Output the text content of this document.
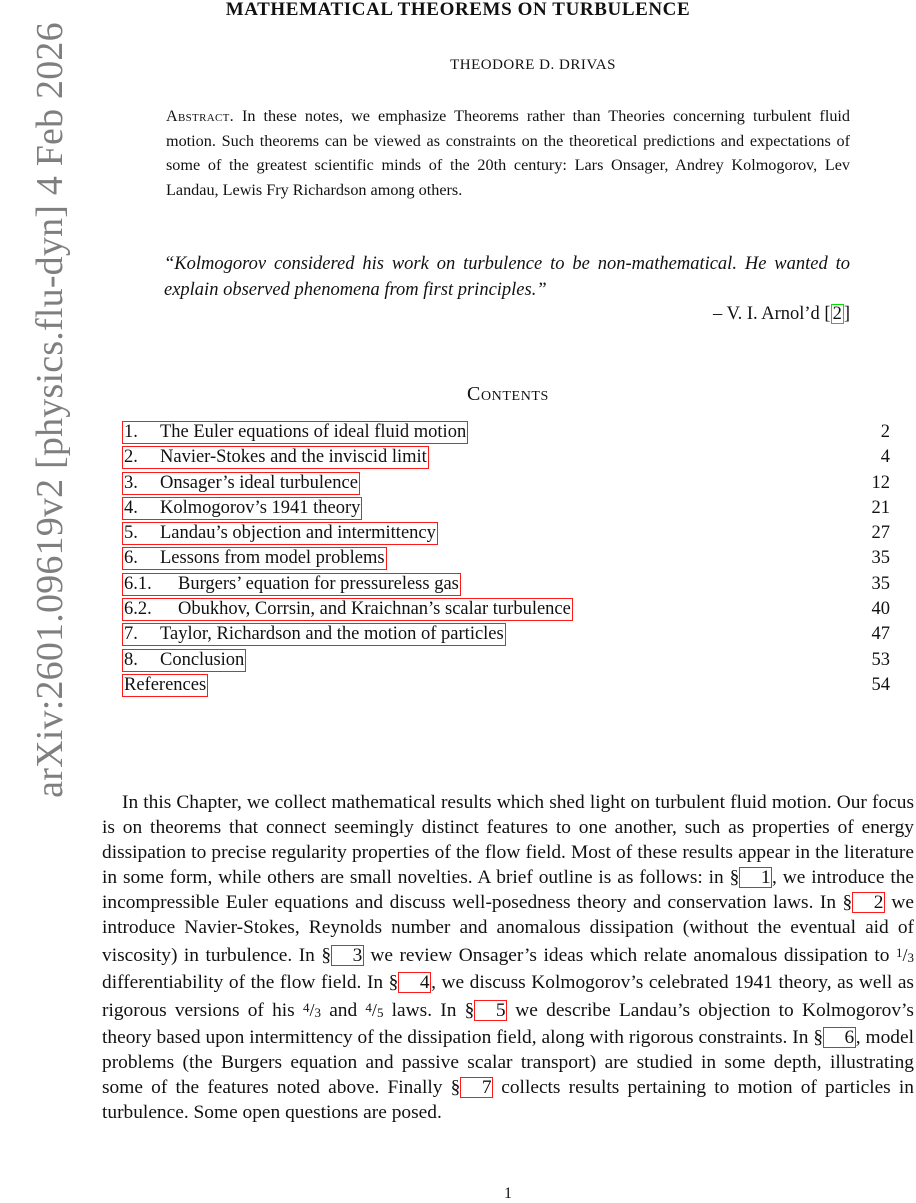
arXiv:2601.09619v2 [physics.flu-dyn] 4 Feb 2026
MATHEMATICAL THEOREMS ON TURBULENCE
THEODORE D. DRIVAS
Abstract. In these notes, we emphasize Theorems rather than Theories concerning turbulent fluid motion. Such theorems can be viewed as constraints on the theoretical predictions and expectations of some of the greatest scientific minds of the 20th century: Lars Onsager, Andrey Kolmogorov, Lev Landau, Lewis Fry Richardson among others.
“Kolmogorov considered his work on turbulence to be non-mathematical. He wanted to explain observed phenomena from first principles.”
– V. I. Arnol’d [ 2 ]
Contents
1. The Euler equations of ideal fluid motion	2
2. Navier-Stokes and the inviscid limit	4
3. Onsager’s ideal turbulence	12
4. Kolmogorov’s 1941 theory	21
5. Landau’s objection and intermittency	27
6. Lessons from model problems	35
6.1. Burgers’ equation for pressureless gas	35
6.2. Obukhov, Corrsin, and Kraichnan’s scalar turbulence	40
7. Taylor, Richardson and the motion of particles	47
8. Conclusion	53
References	54
In this Chapter, we collect mathematical results which shed light on turbulent fluid motion. Our focus is on theorems that connect seemingly distinct features to one another, such as properties of energy dissipation to precise regularity properties of the flow field. Most of these results appear in the literature in some form, while others are small novelties. A brief outline is as follows: in § 1, we introduce the incompressible Euler equations and discuss well-posedness theory and conservation laws. In § 2 we introduce Navier-Stokes, Reynolds number and anomalous dissipation (without the eventual aid of viscosity) in turbulence. In § 3 we review Onsager’s ideas which relate anomalous dissipation to $^1$/3 differentiability of the flow field. In § 4, we discuss Kolmogorov’s celebrated 1941 theory, as well as rigorous versions of his $^4$/3 and $^4$/5 laws. In § 5 we describe Landau’s objection to Kolmogorov’s theory based upon intermittency of the dissipation field, along with rigorous constraints. In § 6, model problems (the Burgers equation and passive scalar transport) are studied in some depth, illustrating some of the features noted above. Finally § 7 collects results pertaining to motion of particles in turbulence. Some open questions are posed.
1
